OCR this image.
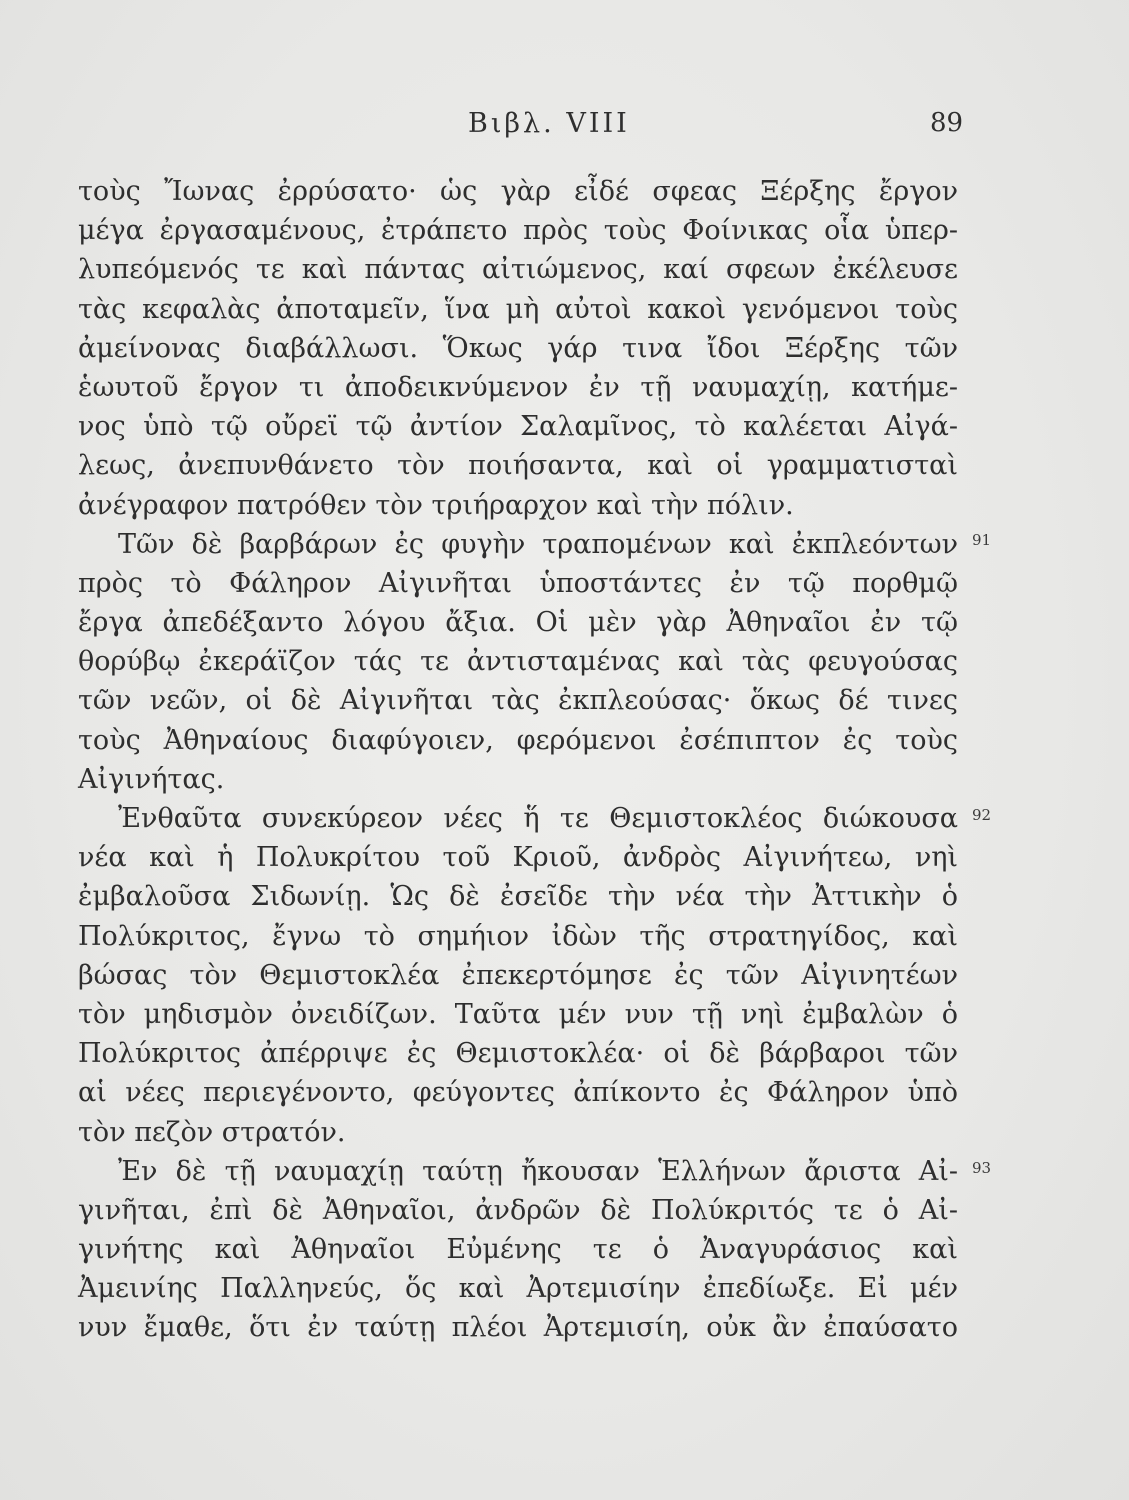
Βιβλ. VIII	89
τοὺς Ἴωνας ἐρρύσατο· ὡς γὰρ εἶδέ σφεας Ξέρξης ἔργον
μέγα ἐργασαμένους, ἐτράπετο πρὸς τοὺς Φοίνικας οἷα ὑπερ-
λυπεόμενός τε καὶ πάντας αἰτιώμενος, καί σφεων ἐκέλευσε
τὰς κεφαλὰς ἀποταμεῖν, ἵνα μὴ αὐτοὶ κακοὶ γενόμενοι τοὺς
ἀμείνονας διαβάλλωσι. Ὅκως γάρ τινα ἴδοι Ξέρξης τῶν
ἑωυτοῦ ἔργον τι ἀποδεικνύμενον ἐν τῇ ναυμαχίῃ, κατήμε-
νος ὑπὸ τῷ οὔρεϊ τῷ ἀντίον Σαλαμῖνος, τὸ καλέεται Αἰγά-
λεως, ἀνεπυνθάνετο τὸν ποιήσαντα, καὶ οἱ γραμματισταὶ
ἀνέγραφον πατρόθεν τὸν τριήραρχον καὶ τὴν πόλιν.
Τῶν δὲ βαρβάρων ἐς φυγὴν τραπομένων καὶ ἐκπλεόντων
πρὸς τὸ Φάληρον Αἰγινῆται ὑποστάντες ἐν τῷ πορθμῷ
ἔργα ἀπεδέξαντο λόγου ἄξια. Οἱ μὲν γὰρ Ἀθηναῖοι ἐν τῷ
θορύβῳ ἐκεράϊζον τάς τε ἀντισταμένας καὶ τὰς φευγούσας
τῶν νεῶν, οἱ δὲ Αἰγινῆται τὰς ἐκπλεούσας· ὅκως δέ τινες
τοὺς Ἀθηναίους διαφύγοιεν, φερόμενοι ἐσέπιπτον ἐς τοὺς
Αἰγινήτας.
Ἐνθαῦτα συνεκύρεον νέες ἥ τε Θεμιστοκλέος διώκουσα
νέα καὶ ἡ Πολυκρίτου τοῦ Κριοῦ, ἀνδρὸς Αἰγινήτεω, νηὶ
ἐμβαλοῦσα Σιδωνίῃ. Ὡς δὲ ἐσεῖδε τὴν νέα τὴν Ἀττικὴν ὁ
Πολύκριτος, ἔγνω τὸ σημήιον ἰδὼν τῆς στρατηγίδος, καὶ
βώσας τὸν Θεμιστοκλέα ἐπεκερτόμησε ἐς τῶν Αἰγινητέων
τὸν μηδισμὸν ὀνειδίζων. Ταῦτα μέν νυν τῇ νηὶ ἐμβαλὼν ὁ
Πολύκριτος ἀπέρριψε ἐς Θεμιστοκλέα· οἱ δὲ βάρβαροι τῶν
αἱ νέες περιεγένοντο, φεύγοντες ἀπίκοντο ἐς Φάληρον ὑπὸ
τὸν πεζὸν στρατόν.
Ἐν δὲ τῇ ναυμαχίῃ ταύτῃ ἤκουσαν Ἑλλήνων ἄριστα Αἰ-
γινῆται, ἐπὶ δὲ Ἀθηναῖοι, ἀνδρῶν δὲ Πολύκριτός τε ὁ Αἰ-
γινήτης καὶ Ἀθηναῖοι Εὐμένης τε ὁ Ἀναγυράσιος καὶ
Ἀμεινίης Παλληνεύς, ὅς καὶ Ἀρτεμισίην ἐπεδίωξε. Εἰ μέν
νυν ἔμαθε, ὅτι ἐν ταύτῃ πλέοι Ἀρτεμισίη, οὐκ ἂν ἐπαύσατο
91
92
93
